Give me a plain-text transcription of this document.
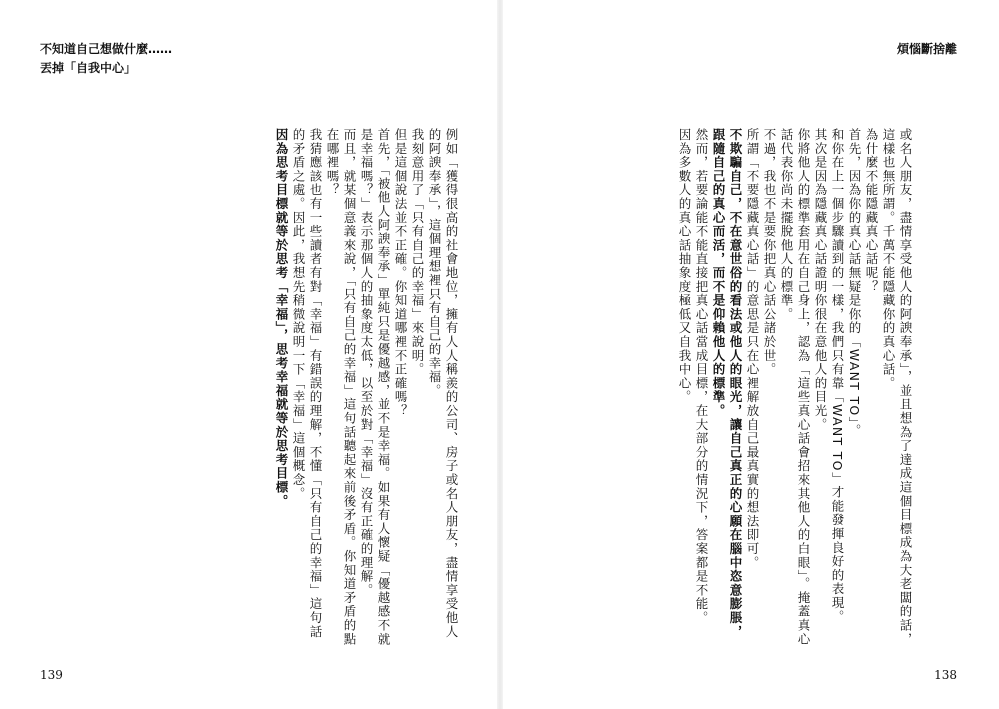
不知道自己想做什麼……
丟掉「自我中心」

例如「獲得很高的社會地位，擁有人人稱羨的公司、房子或名人朋友，盡情享受他人的阿諛奉承」，這個理想裡只有自己的幸福。

我刻意用了「只有自己的幸福」來說明。

但是這個說法並不正確。你知道哪裡不正確嗎？

首先，「被他人阿諛奉承」單純只是優越感，並不是幸福。如果有人懷疑「優越感不就是幸福嗎？」表示那個人的抽象度太低，以至於對「幸福」沒有正確的理解。

而且，就某個意義來說，「只有自己的幸福」這句話聽起來前後矛盾。你知道矛盾的點在哪裡嗎？

我猜應該也有一些讀者有對「幸福」有錯誤的理解，不懂「只有自己的幸福」這句話的矛盾之處。因此，我想先稍微說明一下「幸福」這個概念。

因為思考目標就等於思考「幸福」，思考幸福就等於思考目標。

139
煩惱斷捨離

或名人朋友，盡情享受他人的阿諛奉承」，並且想為了達成這個目標成為大老闆的話，這樣也無所謂。千萬不能隱藏你的真心話。

為什麼不能隱藏真心話呢？

首先，因為你的真心話無疑是你的「WANT TO」。

和你在上一個步驟讀到的一樣，我們只有靠「WANT TO」才能發揮良好的表現。

其次是因為隱藏真心話證明你很在意他人的目光。

你將他人的標準套用在自己身上，認為「這些真心話會招來其他人的白眼」。掩蓋真心話代表你尚未擺脫他人的標準。

不過，我也不是要你把真心話公諸於世。

所謂「不要隱藏真心話」的意思是只在心裡解放自己最真實的想法即可。

不欺騙自己，不在意世俗的看法或他人的眼光，讓自己真正的心願在腦中恣意膨脹，跟隨自己的真心而活，而不是仰賴他人的標準。

然而，若要論能不能直接把真心話當成目標，在大部分的情況下，答案都是不能。

因為多數人的真心話抽象度極低又自我中心。

138
